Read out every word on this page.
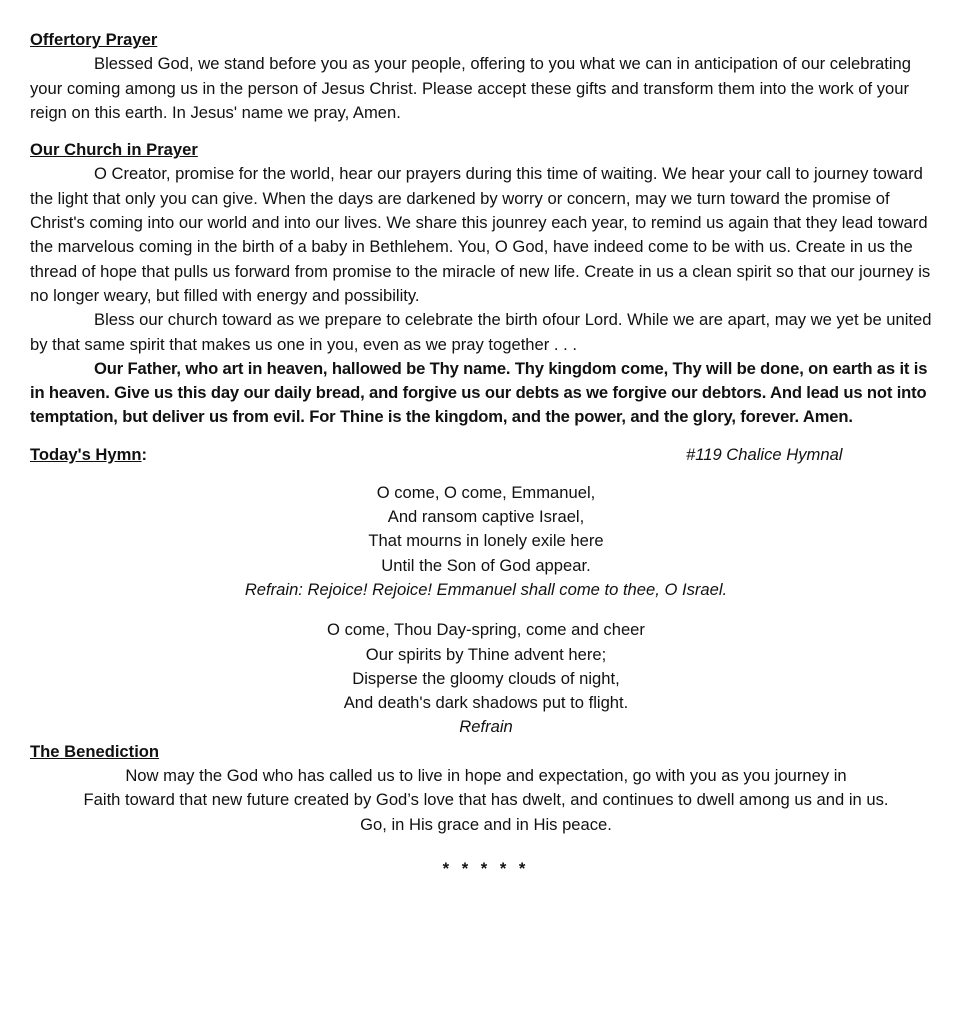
Offertory Prayer

Blessed God, we stand before you as your people, offering to you what we can in anticipation of our celebrating your coming among us in the person of Jesus Christ. Please accept these gifts and transform them into the work of your reign on this earth. In Jesus' name we pray, Amen.

Our Church in Prayer

O Creator, promise for the world, hear our prayers during this time of waiting. We hear your call to journey toward the light that only you can give. When the days are darkened by worry or concern, may we turn toward the promise of Christ's coming into our world and into our lives. We share this jounrey each year, to remind us again that they lead toward the marvelous coming in the birth of a baby in Bethlehem. You, O God, have indeed come to be with us. Create in us the thread of hope that pulls us forward from promise to the miracle of new life. Create in us a clean spirit so that our journey is no longer weary, but filled with energy and possibility.

Bless our church toward as we prepare to celebrate the birth ofour Lord. While we are apart, may we yet be united by that same spirit that makes us one in you, even as we pray together . . .

Our Father, who art in heaven, hallowed be Thy name. Thy kingdom come, Thy will be done, on earth as it is in heaven. Give us this day our daily bread, and forgive us our debts as we forgive our debtors. And lead us not into temptation, but deliver us from evil. For Thine is the kingdom, and the power, and the glory, forever. Amen.

Today's Hymn:	#119 Chalice Hymnal
O come, O come, Emmanuel,
And ransom captive Israel,
That mourns in lonely exile here
Until the Son of God appear.
Refrain: Rejoice! Rejoice! Emmanuel shall come to thee, O Israel.
O come, Thou Day-spring, come and cheer
Our spirits by Thine advent here;
Disperse the gloomy clouds of night,
And death's dark shadows put to flight.
Refrain

The Benediction

Now may the God who has called us to live in hope and expectation, go with you as you journey in
Faith toward that new future created by God’s love that has dwelt, and continues to dwell among us and in us.
Go, in His grace and in His peace.
* * * * *
